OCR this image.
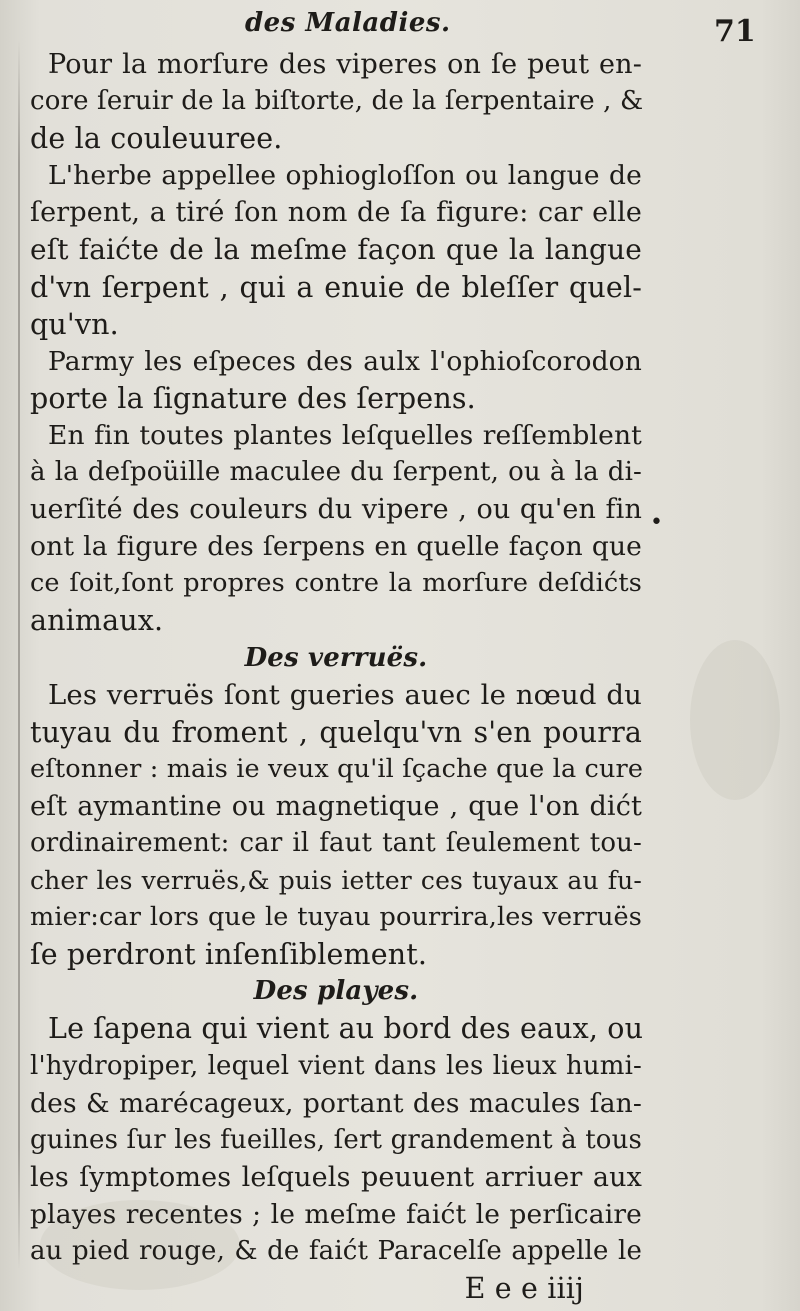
des Maladies.	71
Pour la morſure des viperes on ſe peut en-
core ſeruir de la biſtorte, de la ſerpentaire , &
de la couleuuree.
L'herbe appellee ophiogloſſon ou langue de
ſerpent, a tiré ſon nom de ſa figure: car elle
eſt faićte de la meſme façon que la langue
d'vn ſerpent , qui a enuie de bleſſer quel-
qu'vn.
Parmy les eſpeces des aulx l'ophioſcorodon
porte la ſignature des ſerpens.
En fin toutes plantes leſquelles reſſemblent
à la deſpoüille maculee du ſerpent, ou à la di-
uerſité des couleurs du vipere , ou qu'en fin
ont la figure des ſerpens en quelle façon que
ce ſoit,ſont propres contre la morſure deſdićts
animaux.
Des verruës.
Les verruës ſont gueries auec le nœud du
tuyau du froment , quelqu'vn s'en pourra
eſtonner : mais ie veux qu'il ſçache que la cure
eſt aymantine ou magnetique , que l'on dićt
ordinairement: car il faut tant ſeulement tou-
cher les verruës,& puis ietter ces tuyaux au fu-
mier:car lors que le tuyau pourrira,les verruës
ſe perdront inſenſiblement.
Des playes.
Le ſapena qui vient au bord des eaux, ou
l'hydropiper, lequel vient dans les lieux humi-
des & marécageux, portant des macules ſan-
guines ſur les fueilles, ſert grandement à tous
les ſymptomes leſquels peuuent arriuer aux
playes recentes ; le meſme faićt le perſicaire
au pied rouge, & de faićt Paracelſe appelle le
E e e iiij
•
